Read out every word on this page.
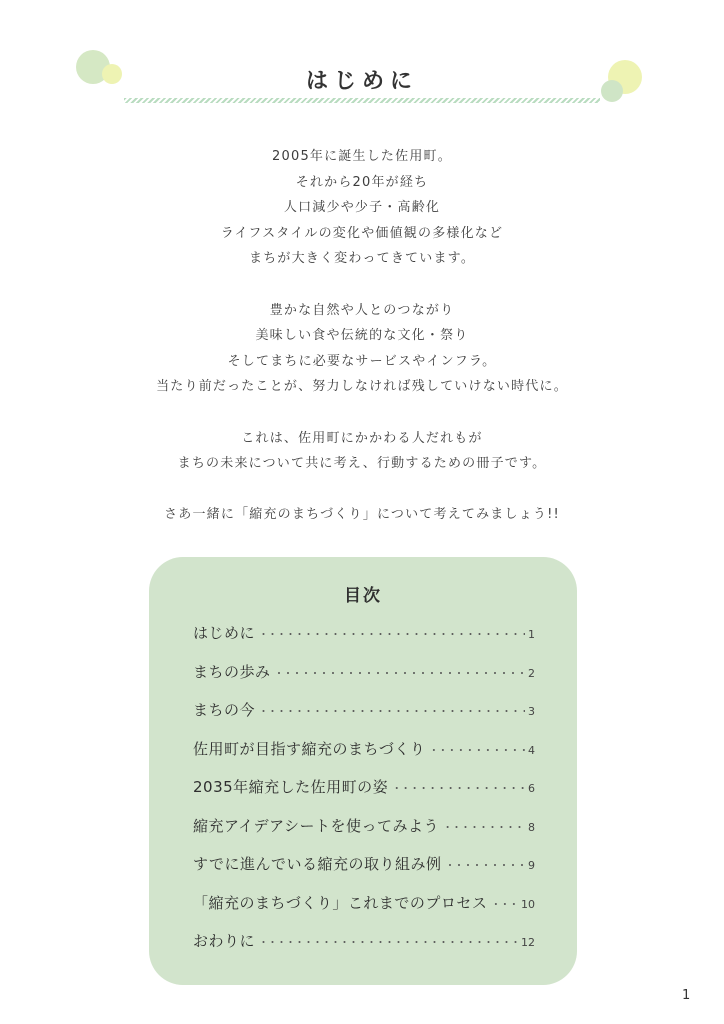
はじめに
2005年に誕生した佐用町。
それから20年が経ち
人口減少や少子・高齢化
ライフスタイルの変化や価値観の多様化など
まちが大きく変わってきています。
豊かな自然や人とのつながり
美味しい食や伝統的な文化・祭り
そしてまちに必要なサービスやインフラ。
当たり前だったことが、努力しなければ残していけない時代に。
これは、佐用町にかかわる人だれもが
まちの未来について共に考え、行動するための冊子です。
さあ一緒に「縮充のまちづくり」について考えてみましょう!!
目次
はじめに ・・・・・・・・・・・・・・・・・・・・・・・・・・・・・・・・・・・・	1
まちの歩み ・・・・・・・・・・・・・・・・・・・・・・・・・・・・・・・・・・・・	2
まちの今 ・・・・・・・・・・・・・・・・・・・・・・・・・・・・・・・・・・・・	3
佐用町が目指す縮充のまちづくり ・・・・・・・・・・・・・・・・・・・・・・・・・・・・・・・・・・・・	4
2035年縮充した佐用町の姿 ・・・・・・・・・・・・・・・・・・・・・・・・・・・・・・・・・・・・	6
縮充アイデアシートを使ってみよう ・・・・・・・・・・・・・・・・・・・・・・・・・・・・・・・・・・・・	8
すでに進んでいる縮充の取り組み例 ・・・・・・・・・・・・・・・・・・・・・・・・・・・・・・・・・・・・	9
「縮充のまちづくり」これまでのプロセス ・・・・・・・・・・・・・・・・・・・・・・・・・・・・・・・・・・・・	10
おわりに ・・・・・・・・・・・・・・・・・・・・・・・・・・・・・・・・・・・・	12
1
